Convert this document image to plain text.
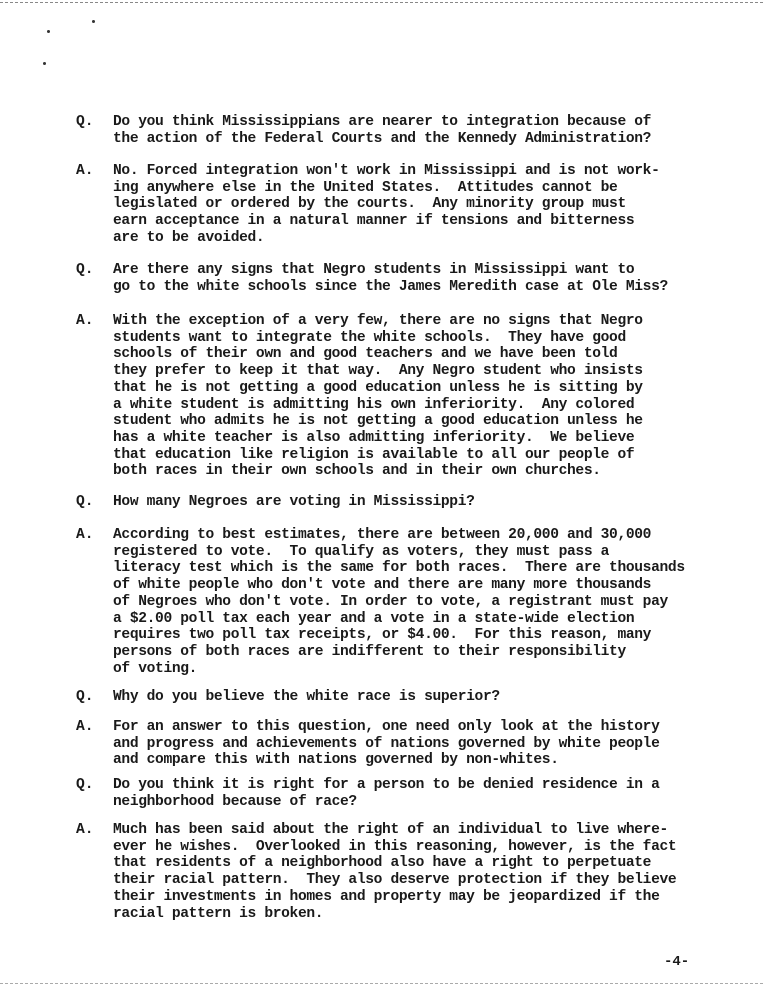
Q.	Do you think Mississippians are nearer to integration because of
the action of the Federal Courts and the Kennedy Administration?
A.	No. Forced integration won't work in Mississippi and is not work-
ing anywhere else in the United States.  Attitudes cannot be
legislated or ordered by the courts.  Any minority group must
earn acceptance in a natural manner if tensions and bitterness
are to be avoided.
Q.	Are there any signs that Negro students in Mississippi want to
go to the white schools since the James Meredith case at Ole Miss?
A.	With the exception of a very few, there are no signs that Negro
students want to integrate the white schools.  They have good
schools of their own and good teachers and we have been told
they prefer to keep it that way.  Any Negro student who insists
that he is not getting a good education unless he is sitting by
a white student is admitting his own inferiority.  Any colored
student who admits he is not getting a good education unless he
has a white teacher is also admitting inferiority.  We believe
that education like religion is available to all our people of
both races in their own schools and in their own churches.
Q.	How many Negroes are voting in Mississippi?
A.	According to best estimates, there are between 20,000 and 30,000
registered to vote.  To qualify as voters, they must pass a
literacy test which is the same for both races.  There are thousands
of white people who don't vote and there are many more thousands
of Negroes who don't vote. In order to vote, a registrant must pay
a $2.00 poll tax each year and a vote in a state-wide election
requires two poll tax receipts, or $4.00.  For this reason, many
persons of both races are indifferent to their responsibility
of voting.
Q.	Why do you believe the white race is superior?
A.	For an answer to this question, one need only look at the history
and progress and achievements of nations governed by white people
and compare this with nations governed by non-whites.
Q.	Do you think it is right for a person to be denied residence in a
neighborhood because of race?
A.	Much has been said about the right of an individual to live where-
ever he wishes.  Overlooked in this reasoning, however, is the fact
that residents of a neighborhood also have a right to perpetuate
their racial pattern.  They also deserve protection if they believe
their investments in homes and property may be jeopardized if the
racial pattern is broken.
-4-
